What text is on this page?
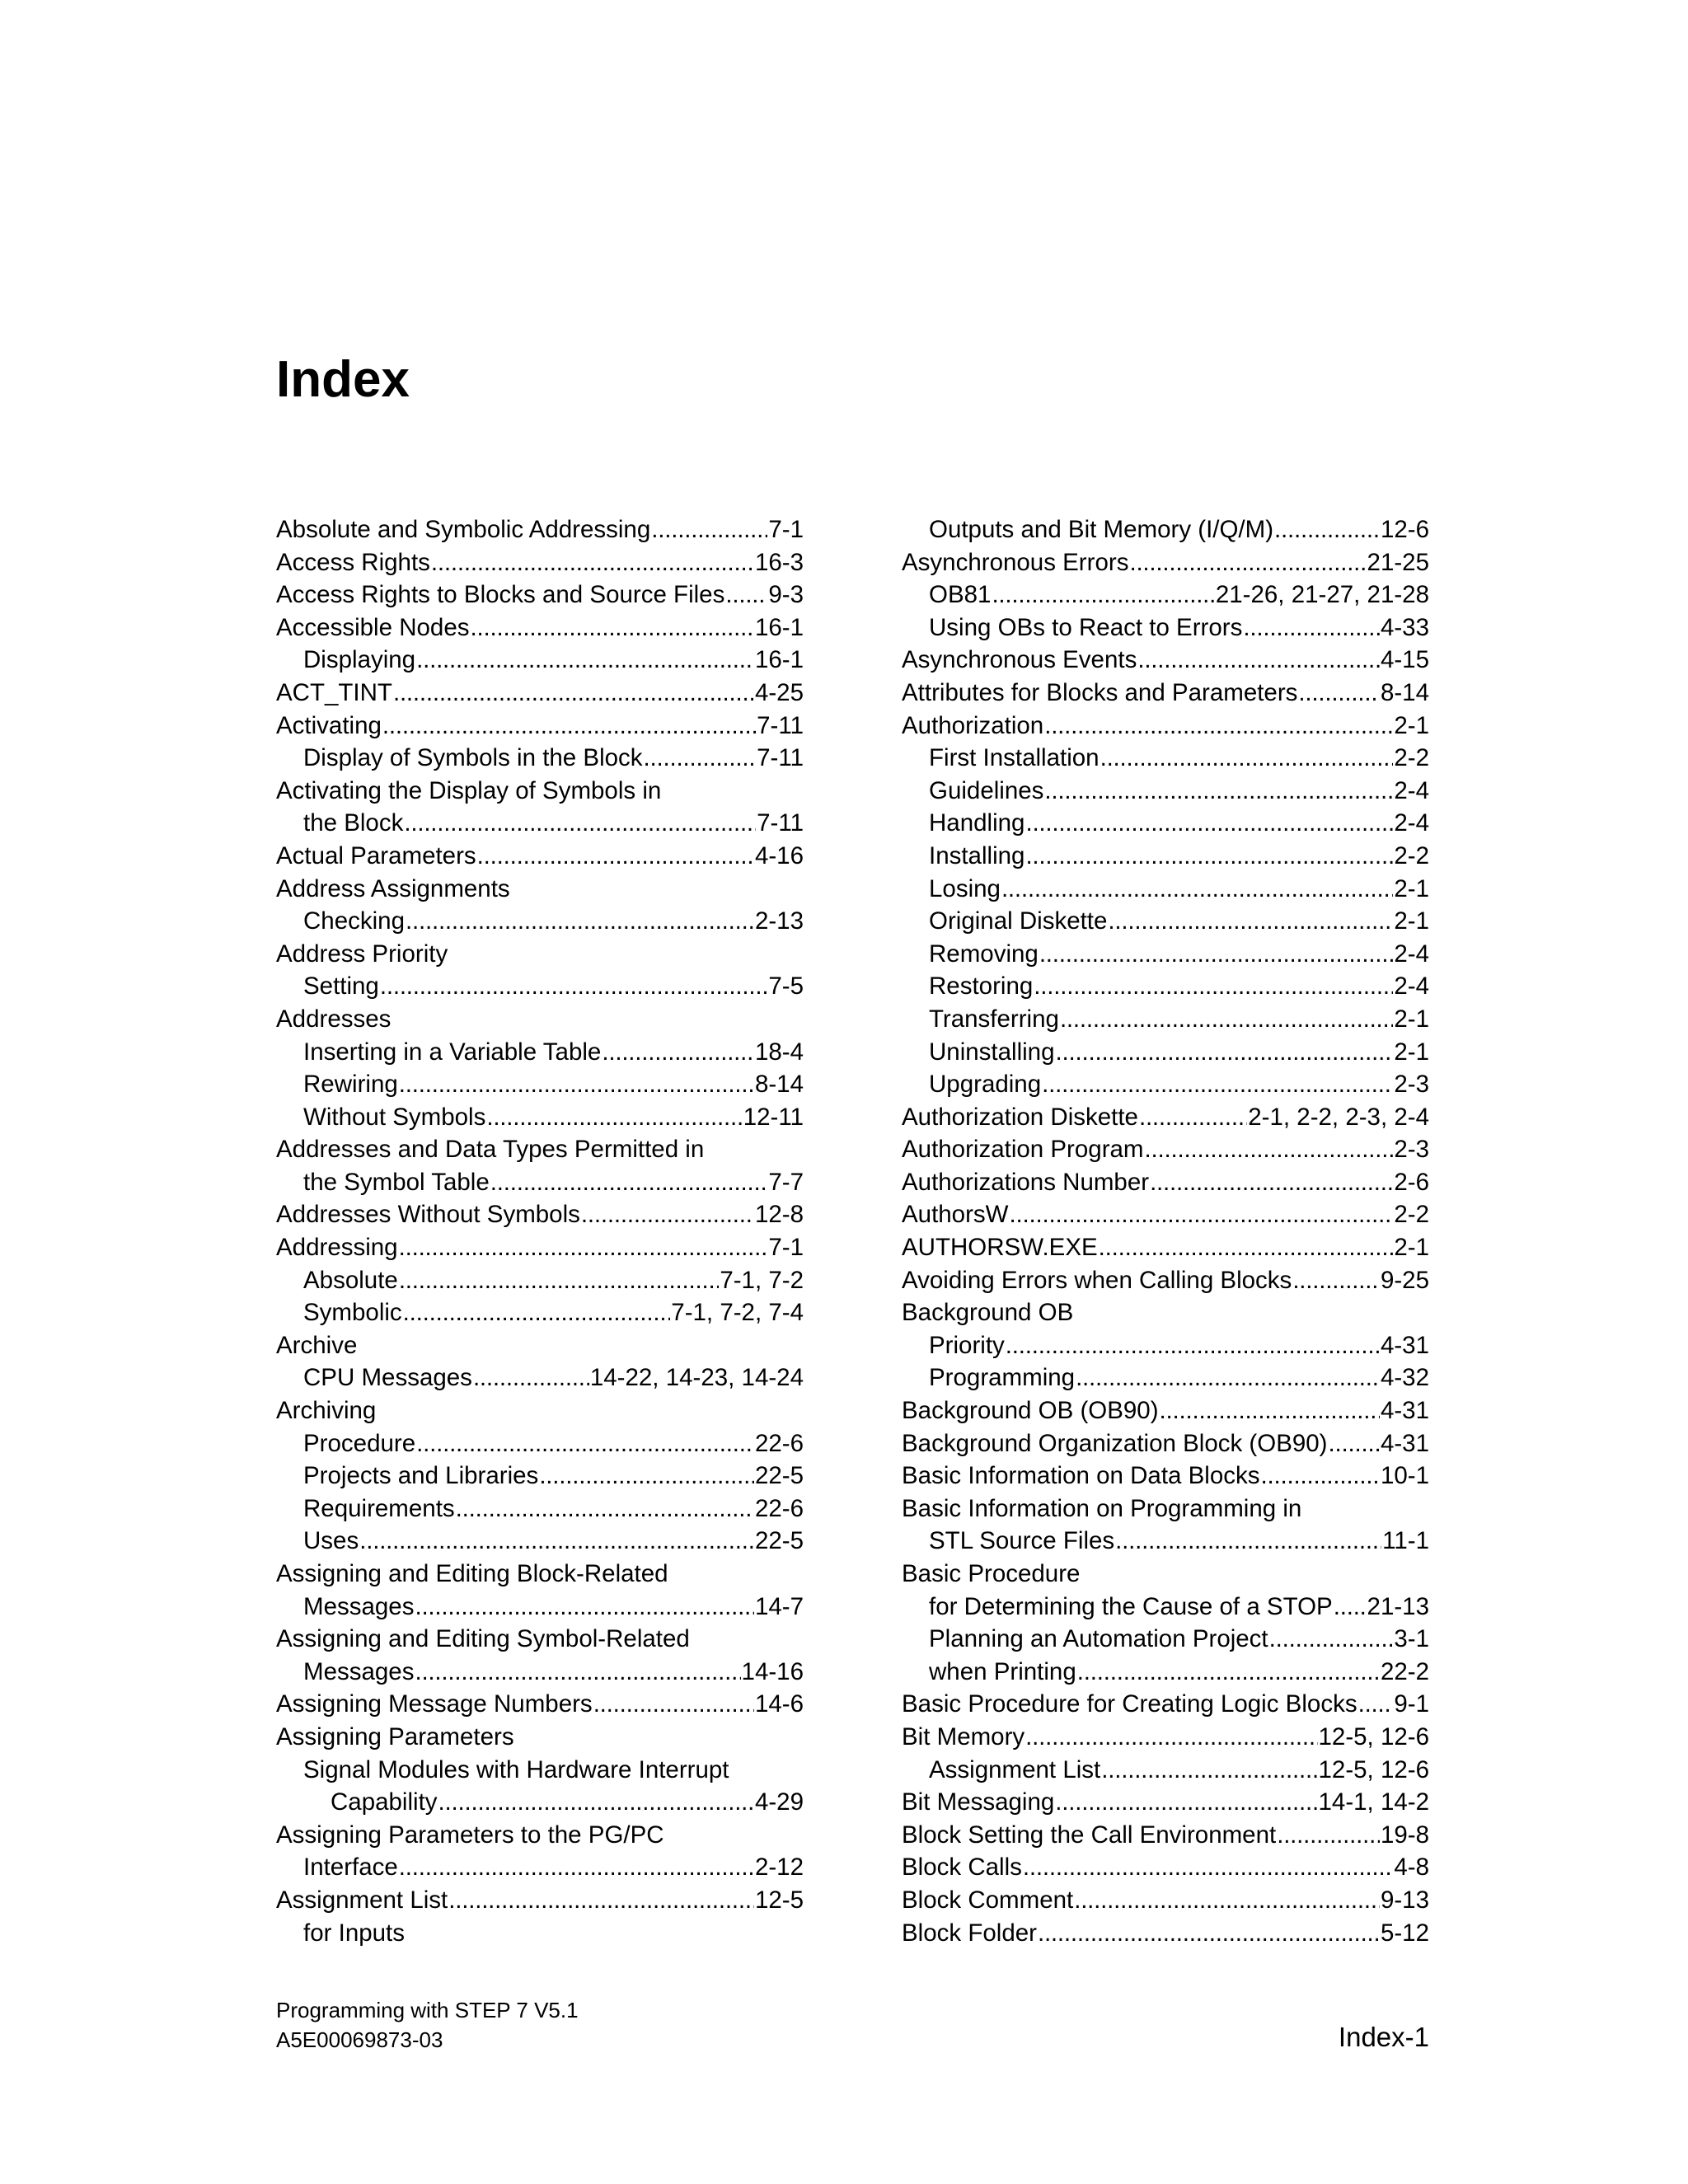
Index
Absolute and Symbolic Addressing . . .	7-1
Access Rights . . .	16-3
Access Rights to Blocks and Source Files . . . 9-3
Accessible Nodes . . .	16-1
Displaying . . .	16-1
ACT_TINT . . .	4-25
Activating . . .	7-11
Display of Symbols in the Block . . .	7-11
Activating the Display of Symbols in
the Block . . .	7-11
Actual Parameters . . .	4-16
Address Assignments
Checking . . .	2-13
Address Priority
Setting . . .	7-5
Addresses
Inserting in a Variable Table . . .	18-4
Rewiring . . .	8-14
Without Symbols . . .	12-11
Addresses and Data Types Permitted in
the Symbol Table . . .	7-7
Addresses Without Symbols . . .	12-8
Addressing . . .	7-1
Absolute . . .	7-1, 7-2
Symbolic . . .	7-1, 7-2, 7-4
Archive
CPU Messages . . .	14-22, 14-23, 14-24
Archiving
Procedure . . .	22-6
Projects and Libraries . . .	22-5
Requirements . . .	22-6
Uses . . .	22-5
Assigning and Editing Block-Related
Messages . . .	14-7
Assigning and Editing Symbol-Related
Messages . . .	14-16
Assigning Message Numbers . . .	14-6
Assigning Parameters
Signal Modules with Hardware Interrupt
Capability . . .	4-29
Assigning Parameters to the PG/PC
Interface . . .	2-12
Assignment List . . .	12-5
for Inputs
Outputs and Bit Memory (I/Q/M) . . .	12-6
Asynchronous Errors . . .	21-25
OB81 . . .	21-26, 21-27, 21-28
Using OBs to React to Errors . . .	4-33
Asynchronous Events . . .	4-15
Attributes for Blocks and Parameters . . .	8-14
Authorization . . .	2-1
First Installation . . .	2-2
Guidelines . . .	2-4
Handling . . .	2-4
Installing . . .	2-2
Losing . . .	2-1
Original Diskette . . .	2-1
Removing . . .	2-4
Restoring . . .	2-4
Transferring . . .	2-1
Uninstalling . . .	2-1
Upgrading . . .	2-3
Authorization Diskette . . .	2-1, 2-2, 2-3, 2-4
Authorization Program . . .	2-3
Authorizations Number . . .	2-6
AuthorsW . . .	2-2
AUTHORSW.EXE . . .	2-1
Avoiding Errors when Calling Blocks . . .	9-25
Background OB
Priority . . .	4-31
Programming . . .	4-32
Background OB (OB90) . . .	4-31
Background Organization Block (OB90) . . . 4-31
Basic Information on Data Blocks . . .	10-1
Basic Information on Programming in
STL Source Files . . .	11-1
Basic Procedure
for Determining the Cause of a STOP . . . 21-13
Planning an Automation Project . . .	3-1
when Printing . . .	22-2
Basic Procedure for Creating Logic Blocks . . . 9-1
Bit Memory . . .	12-5, 12-6
Assignment List . . .	12-5, 12-6
Bit Messaging . . .	14-1, 14-2
Block Setting the Call Environment . . .	19-8
Block Calls . . .	4-8
Block Comment . . .	9-13
Block Folder . . .	5-12
Programming with STEP 7 V5.1
A5E00069873-03	Index-1
